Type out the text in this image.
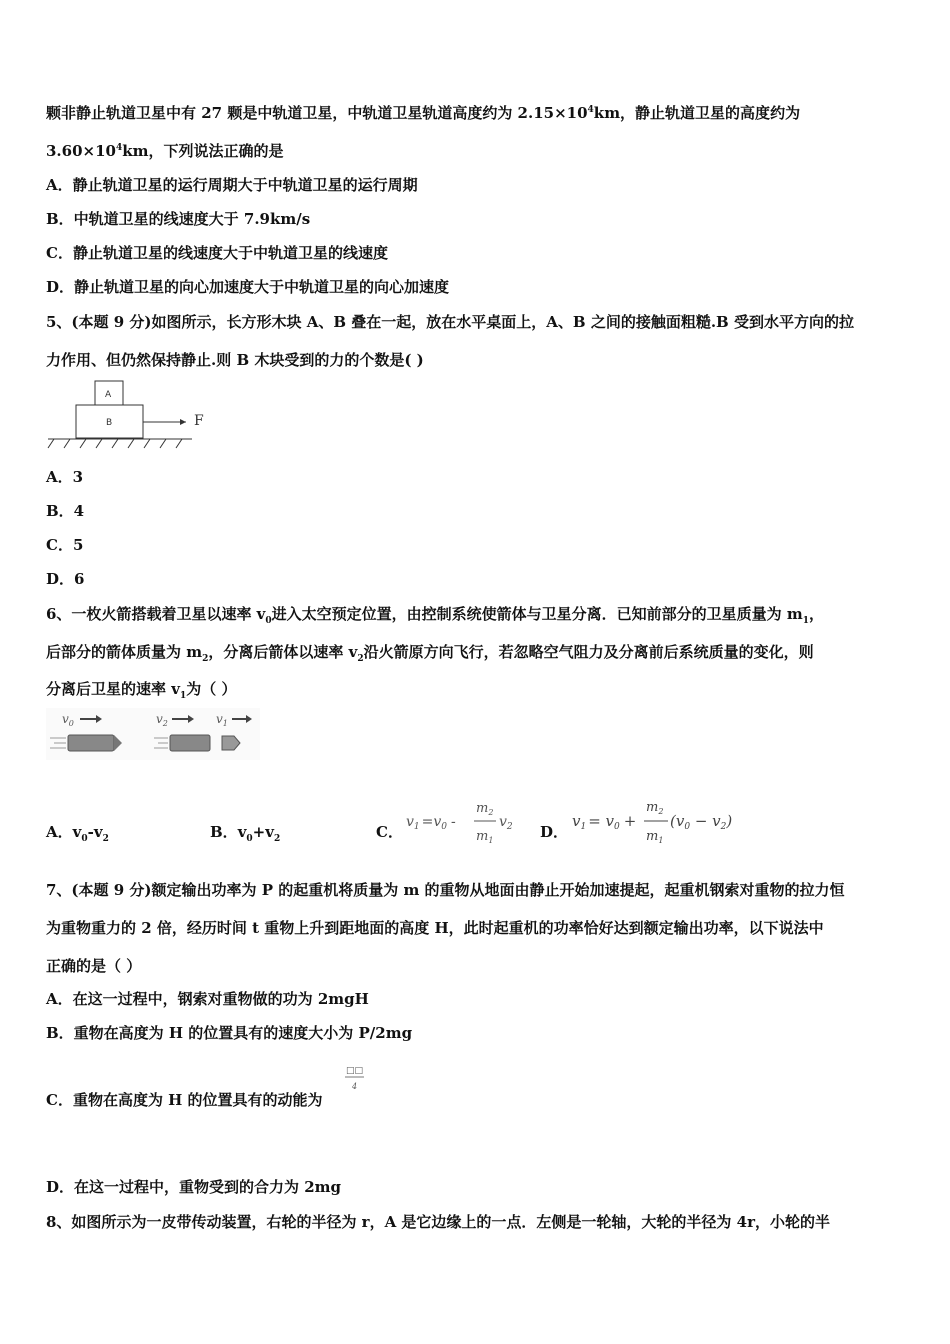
颗非静止轨道卫星中有 27 颗是中轨道卫星，中轨道卫星轨道高度约为 $2.15\times 10^4km$，静止轨道卫星的高度约为
$3.60\times 10^4km$，下列说法正确的是
A．静止轨道卫星的运行周期大于中轨道卫星的运行周期
B．中轨道卫星的线速度大于 7.9km/s
C．静止轨道卫星的线速度大于中轨道卫星的线速度
D．静止轨道卫星的向心加速度大于中轨道卫星的向心加速度
5、(本题 9 分)如图所示，长方形木块 A、B 叠在一起，放在水平桌面上，A、B 之间的接触面粗糙.B 受到水平方向的拉
力作用、但仍然保持静止.则 B 木块受到的力的个数是( )
A
B	F
A．3
B．4
C．5
D．6
6、一枚火箭搭载着卫星以速率 $v_0$进入太空预定位置，由控制系统使箭体与卫星分离．已知前部分的卫星质量为 $m_1$，
后部分的箭体质量为 $m_2$，分离后箭体以速率 $v_2$沿火箭原方向飞行，若忽略空气阻力及分离前后系统质量的变化，则
分离后卫星的速率 $v_1$为（ ）
$v_0$	$v_2$	$v_1$
A．$v_0-v_2$	B．$v_0+v_2$	C．
$v_1 =v_0$ -
$m_2$
$m_1$
$v_2$ D．
$v_1 = v_0$ +
$m_2$
$m_1$
$(v_0 - v_2)$
7、(本题 9 分)额定输出功率为 P 的起重机将质量为 m 的重物从地面由静止开始加速提起，起重机钢索对重物的拉力恒
为重物重力的 2 倍，经历时间 t 重物上升到距地面的高度 H，此时起重机的功率恰好达到额定输出功率，以下说法中
正确的是（ ）
A．在这一过程中，钢索对重物做的功为 2mgH
B．重物在高度为 H 的位置具有的速度大小为 P/2mg
C．重物在高度为 H 的位置具有的动能为
□□
4
D．在这一过程中，重物受到的合力为 2mg
8、如图所示为一皮带传动装置，右轮的半径为 r，A 是它边缘上的一点．左侧是一轮轴，大轮的半径为 4r，小轮的半
